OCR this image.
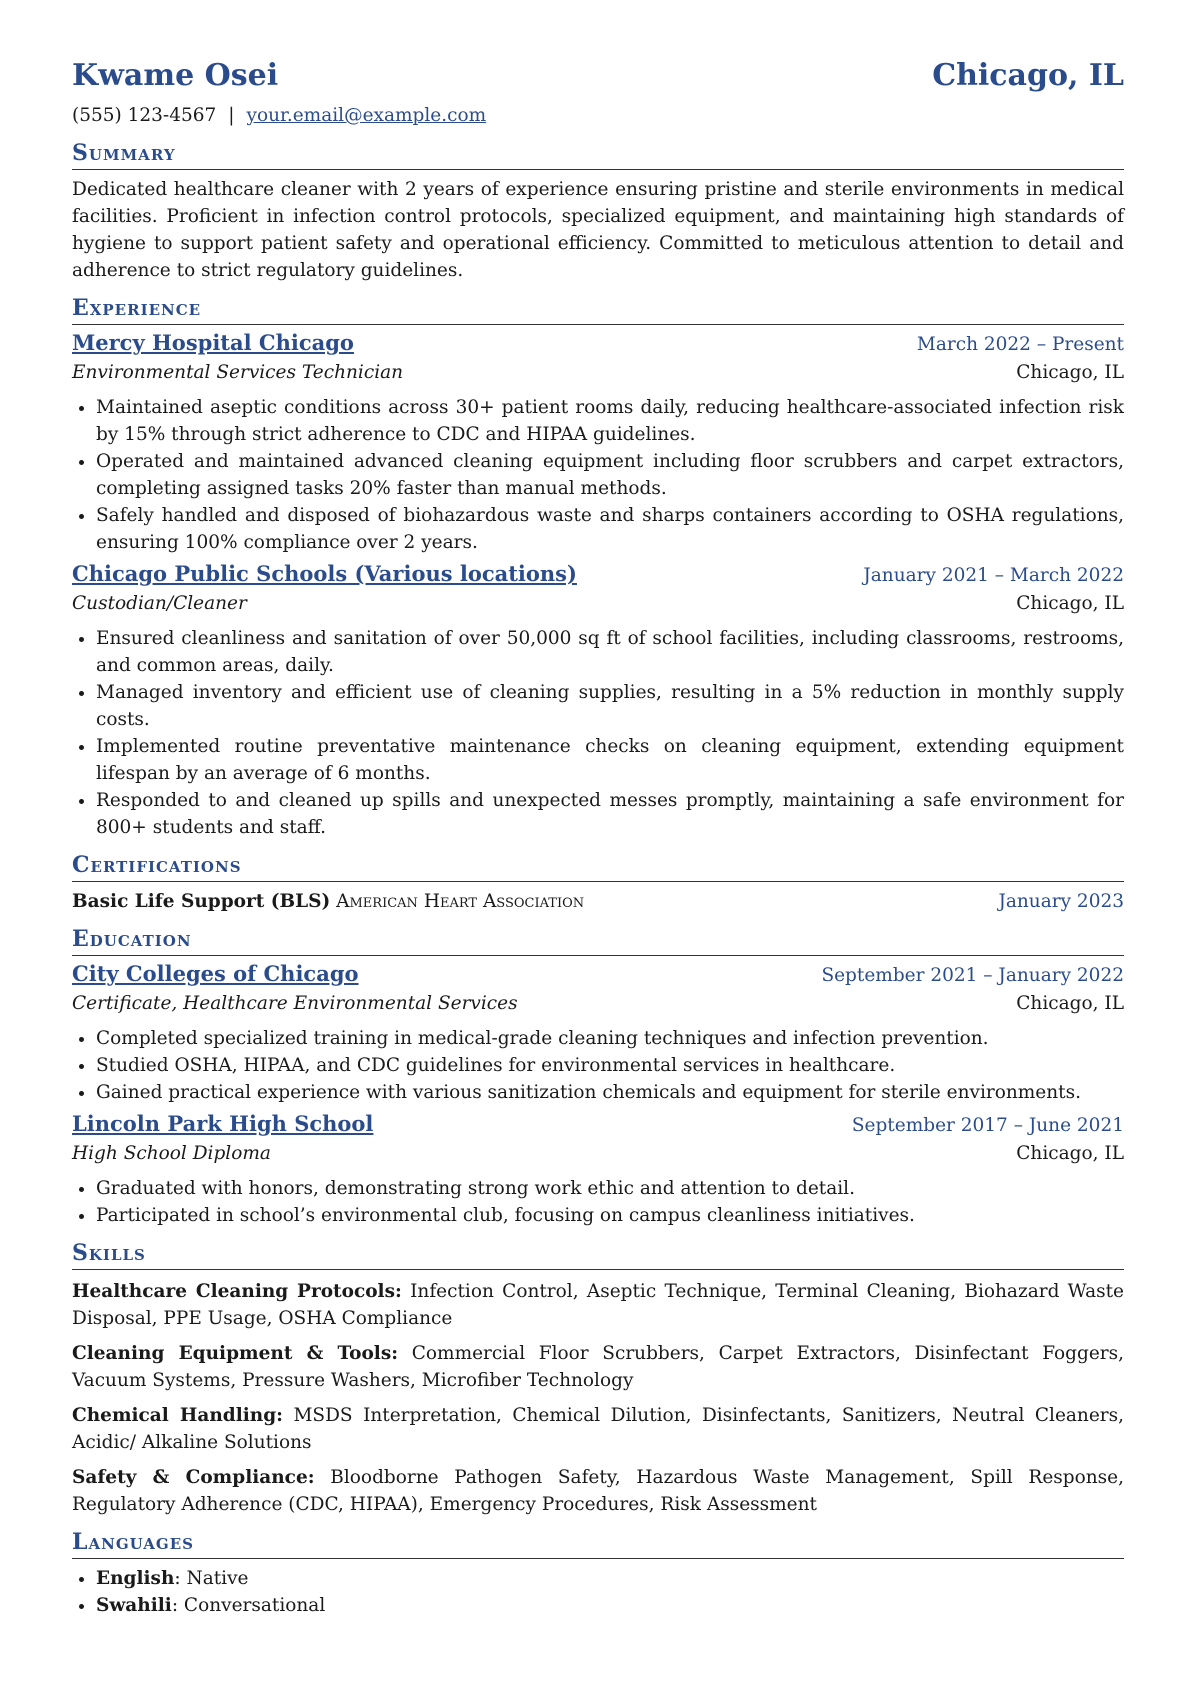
Kwame Osei	Chicago, IL
(555) 123-4567 | your.email@example.com
Summary
Dedicated healthcare cleaner with 2 years of experience ensuring pristine and sterile environments in medical facilities. Proficient in infection control protocols, specialized equipment, and maintaining high standards of hygiene to support patient safety and operational efficiency. Committed to meticulous attention to detail and adherence to strict regulatory guidelines.
Experience
Mercy Hospital Chicago	March 2022 – Present
Environmental Services Technician	Chicago, IL
• Maintained aseptic conditions across 30+ patient rooms daily, reducing healthcare-associated infection risk by 15% through strict adherence to CDC and HIPAA guidelines.
• Operated and maintained advanced cleaning equipment including floor scrubbers and carpet extractors, completing assigned tasks 20% faster than manual methods.
• Safely handled and disposed of biohazardous waste and sharps containers according to OSHA regulations, ensuring 100% compliance over 2 years.
Chicago Public Schools (Various locations)	January 2021 – March 2022
Custodian/Cleaner	Chicago, IL
• Ensured cleanliness and sanitation of over 50,000 sq ft of school facilities, including classrooms, restrooms, and common areas, daily.
• Managed inventory and efficient use of cleaning supplies, resulting in a 5% reduction in monthly supply costs.
• Implemented routine preventative maintenance checks on cleaning equipment, extending equipment lifespan by an average of 6 months.
• Responded to and cleaned up spills and unexpected messes promptly, maintaining a safe environment for 800+ students and staff.
Certifications
Basic Life Support (BLS) American Heart Association	January 2023
Education
City Colleges of Chicago	September 2021 – January 2022
Certificate, Healthcare Environmental Services	Chicago, IL
• Completed specialized training in medical-grade cleaning techniques and infection prevention.
• Studied OSHA, HIPAA, and CDC guidelines for environmental services in healthcare.
• Gained practical experience with various sanitization chemicals and equipment for sterile environments.
Lincoln Park High School	September 2017 – June 2021
High School Diploma	Chicago, IL
• Graduated with honors, demonstrating strong work ethic and attention to detail.
• Participated in school’s environmental club, focusing on campus cleanliness initiatives.
Skills
Healthcare Cleaning Protocols: Infection Control, Aseptic Technique, Terminal Cleaning, Biohazard Waste Disposal, PPE Usage, OSHA Compliance
Cleaning Equipment & Tools: Commercial Floor Scrubbers, Carpet Extractors, Disinfectant Foggers, Vacuum Systems, Pressure Washers, Microfiber Technology
Chemical Handling: MSDS Interpretation, Chemical Dilution, Disinfectants, Sanitizers, Neutral Cleaners, Acidic/ Alkaline Solutions
Safety & Compliance: Bloodborne Pathogen Safety, Hazardous Waste Management, Spill Response, Regulatory Adherence (CDC, HIPAA), Emergency Procedures, Risk Assessment
Languages
• English: Native
• Swahili: Conversational
